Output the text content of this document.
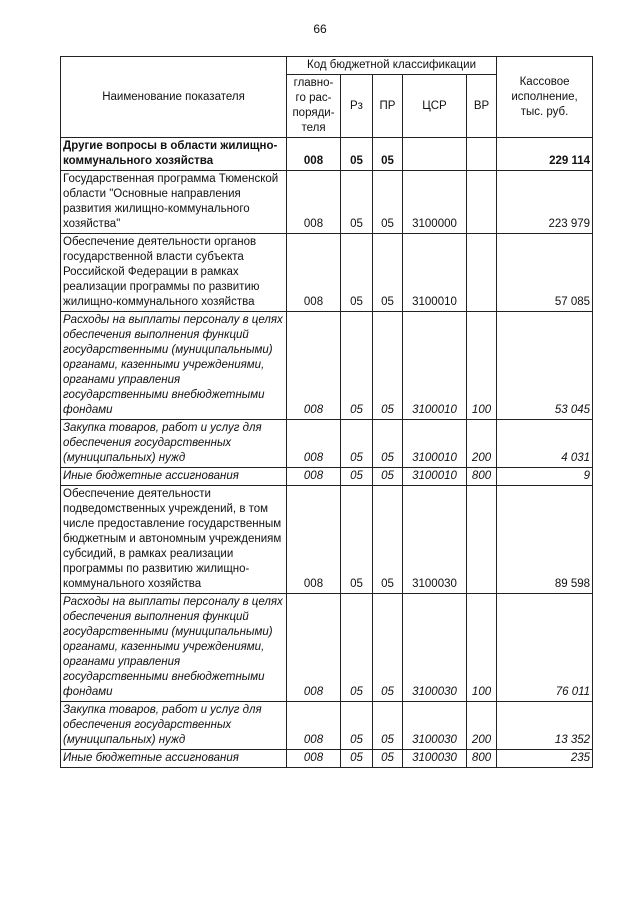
66
Наименование показателя	Код бюджетной классификации					Кассовое исполнение, тыс. руб.
	главно-го рас-поряди-теля	Рз	ПР	ЦСР	ВР	
Другие вопросы в области жилищно-коммунального хозяйства	008	05	05			229 114
Государственная программа Тюменской области "Основные направления развития жилищно-коммунального хозяйства"	008	05	05	3100000		223 979
Обеспечение деятельности органов государственной власти субъекта Российской Федерации в рамках реализации программы по развитию жилищно-коммунального хозяйства	008	05	05	3100010		57 085
Расходы на выплаты персоналу в целях обеспечения выполнения функций государственными (муниципальными) органами, казенными учреждениями, органами управления государственными внебюджетными фондами	008	05	05	3100010	100	53 045
Закупка товаров, работ и услуг для обеспечения государственных (муниципальных) нужд	008	05	05	3100010	200	4 031
Иные бюджетные ассигнования	008	05	05	3100010	800	9
Обеспечение деятельности подведомственных учреждений, в том числе предоставление государственным бюджетным и автономным учреждениям субсидий, в рамках реализации программы по развитию жилищно-коммунального хозяйства	008	05	05	3100030		89 598
Расходы на выплаты персоналу в целях обеспечения выполнения функций государственными (муниципальными) органами, казенными учреждениями, органами управления государственными внебюджетными фондами	008	05	05	3100030	100	76 011
Закупка товаров, работ и услуг для обеспечения государственных (муниципальных) нужд	008	05	05	3100030	200	13 352
Иные бюджетные ассигнования	008	05	05	3100030	800	235
